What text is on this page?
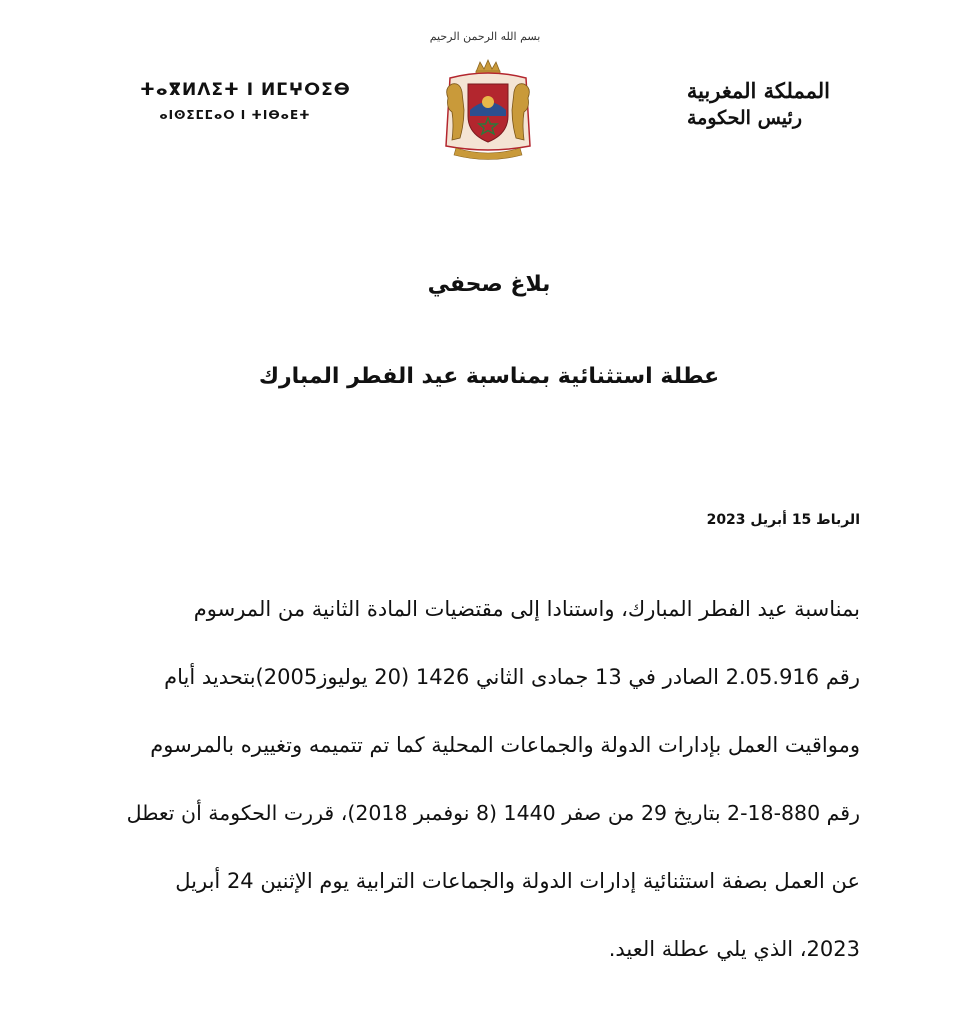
ⵜⴰⴳⵍⴷⵉⵜ ⵏ ⵍⵎⵖⵔⵉⴱ
ⴰⵏⵙⵉⵎⵎⴰⵔ ⵏ ⵜⵏⴱⴰⴹⵜ
بسم الله الرحمن الرحيم
المملكة المغربية
رئيس الحكومة
بلاغ صحفي
عطلة استثنائية بمناسبة عيد الفطر المبارك
الرباط 15 أبريل 2023
بمناسبة عيد الفطر المبارك، واستنادا إلى مقتضيات المادة الثانية من المرسوم
رقم 2.05.916 الصادر في 13 جمادى الثاني 1426 (20 يوليوز2005)بتحديد أيام
ومواقيت العمل بإدارات الدولة والجماعات المحلية كما تم تتميمه وتغييره بالمرسوم
رقم 880-18-2 بتاريخ 29 من صفر 1440 (8 نوفمبر 2018)، قررت الحكومة أن تعطل
عن العمل بصفة استثنائية إدارات الدولة والجماعات الترابية يوم الإثنين 24 أبريل
2023، الذي يلي عطلة العيد.
